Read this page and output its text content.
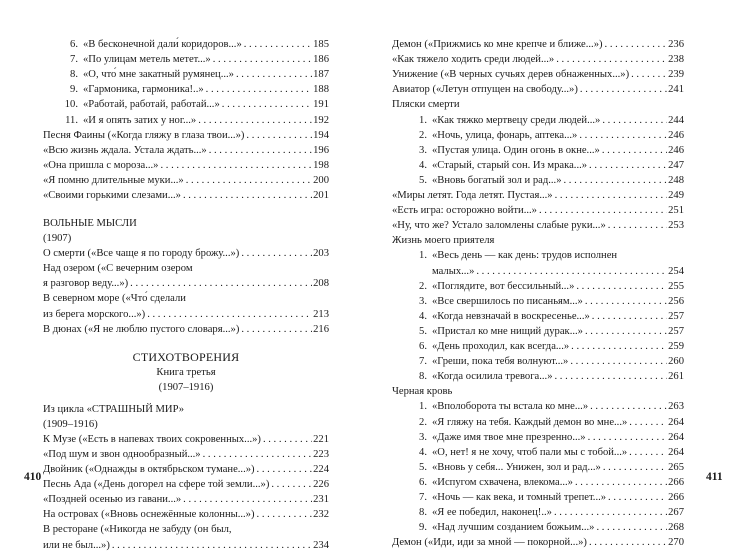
6. «В бесконечной дали́ коридоров...» . . .	185
7. «По улицам метель метет...» . . .	186
8. «О, что́ мне закатный румянец...» . . .	187
9. «Гармоника, гармоника!..» . . .	188
10. «Работай, работай, работай...» . . .	191
11. «И я опять затих у ног...» . . .	192
Песня Фаины («Когда гляжу в глаза твои...») . . .	194
«Всю жизнь ждала. Устала ждать...» . . .	196
«Она пришла с мороза...» . . .	198
«Я помню длительные муки...» . . .	200
«Своими горькими слезами...» . . .	201
ВОЛЬНЫЕ МЫСЛИ
(1907)
О смерти («Все чаще я по городу брожу...») . . .	203
Над озером («С вечерним озером
я разговор веду...») . . .	208
В северном море («Что́ сделали
из берега морского...») . . .	213
В дюнах («Я не люблю пустого словаря...») . . .	216
СТИХОТВОРЕНИЯ
Книга третья
(1907–1916)
Из цикла «СТРАШНЫЙ МИР»
(1909–1916)
К Музе («Есть в напевах твоих сокровенных...») . . .	221
«Под шум и звон однообразный...» . . .	223
Двойник («Однажды в октябрьском тумане...») . . .	224
Песнь Ада («День догорел на сфере той земли...») . . .	226
«Поздней осенью из гавани...» . . .	231
На островах («Вновь оснежённые колонны...») . . .	232
В ресторане («Никогда не забуду (он был,
или не был...») . . .	234
Демон («Прижмись ко мне крепче и ближе...») . . .	236
«Как тяжело ходить среди людей...» . . .	238
Унижение («В черных сучьях дерев обнаженных...») . . .	239
Авиатор («Летун отпущен на свободу...») . . .	241
Пляски смерти
1. «Как тяжко мертвецу среди людей...» . . .	244
2. «Ночь, улица, фонарь, аптека...» . . .	246
3. «Пустая улица. Один огонь в окне...» . . .	246
4. «Старый, старый сон. Из мрака...» . . .	247
5. «Вновь богатый зол и рад...» . . .	248
«Миры летят. Года летят. Пустая...» . . .	249
«Есть игра: осторожно войти...» . . .	251
«Ну, что же? Устало заломлены слабые руки...» . . .	253
Жизнь моего приятеля
1. «Весь день — как день: трудов исполнен
малых...» . . .	254
2. «Поглядите, вот бессильный...» . . .	255
3. «Все свершилось по писаньям...» . . .	256
4. «Когда невзначай в воскресенье...» . . .	257
5. «Пристал ко мне нищий дурак...» . . .	257
6. «День проходил, как всегда...» . . .	259
7. «Греши, пока тебя волнуют...» . . .	260
8. «Когда осилила тревога...» . . .	261
Черная кровь
1. «Вполоборота ты встала ко мне...» . . .	263
2. «Я гляжу на тебя. Каждый демон во мне...» . . .	264
3. «Даже имя твое мне презренно...» . . .	264
4. «О, нет! я не хочу, чтоб пали мы с тобой...» . . .	264
5. «Вновь у себя... Унижен, зол и рад...» . . .	265
6. «Испугом схвачена, влекома...» . . .	266
7. «Ночь — как века, и томный трепет...» . . .	266
8. «Я ее победил, наконец!..» . . .	267
9. «Над лучшим созданием божьим...» . . .	268
Демон («Иди, иди за мной — покорной...») . . .	270
410	411
